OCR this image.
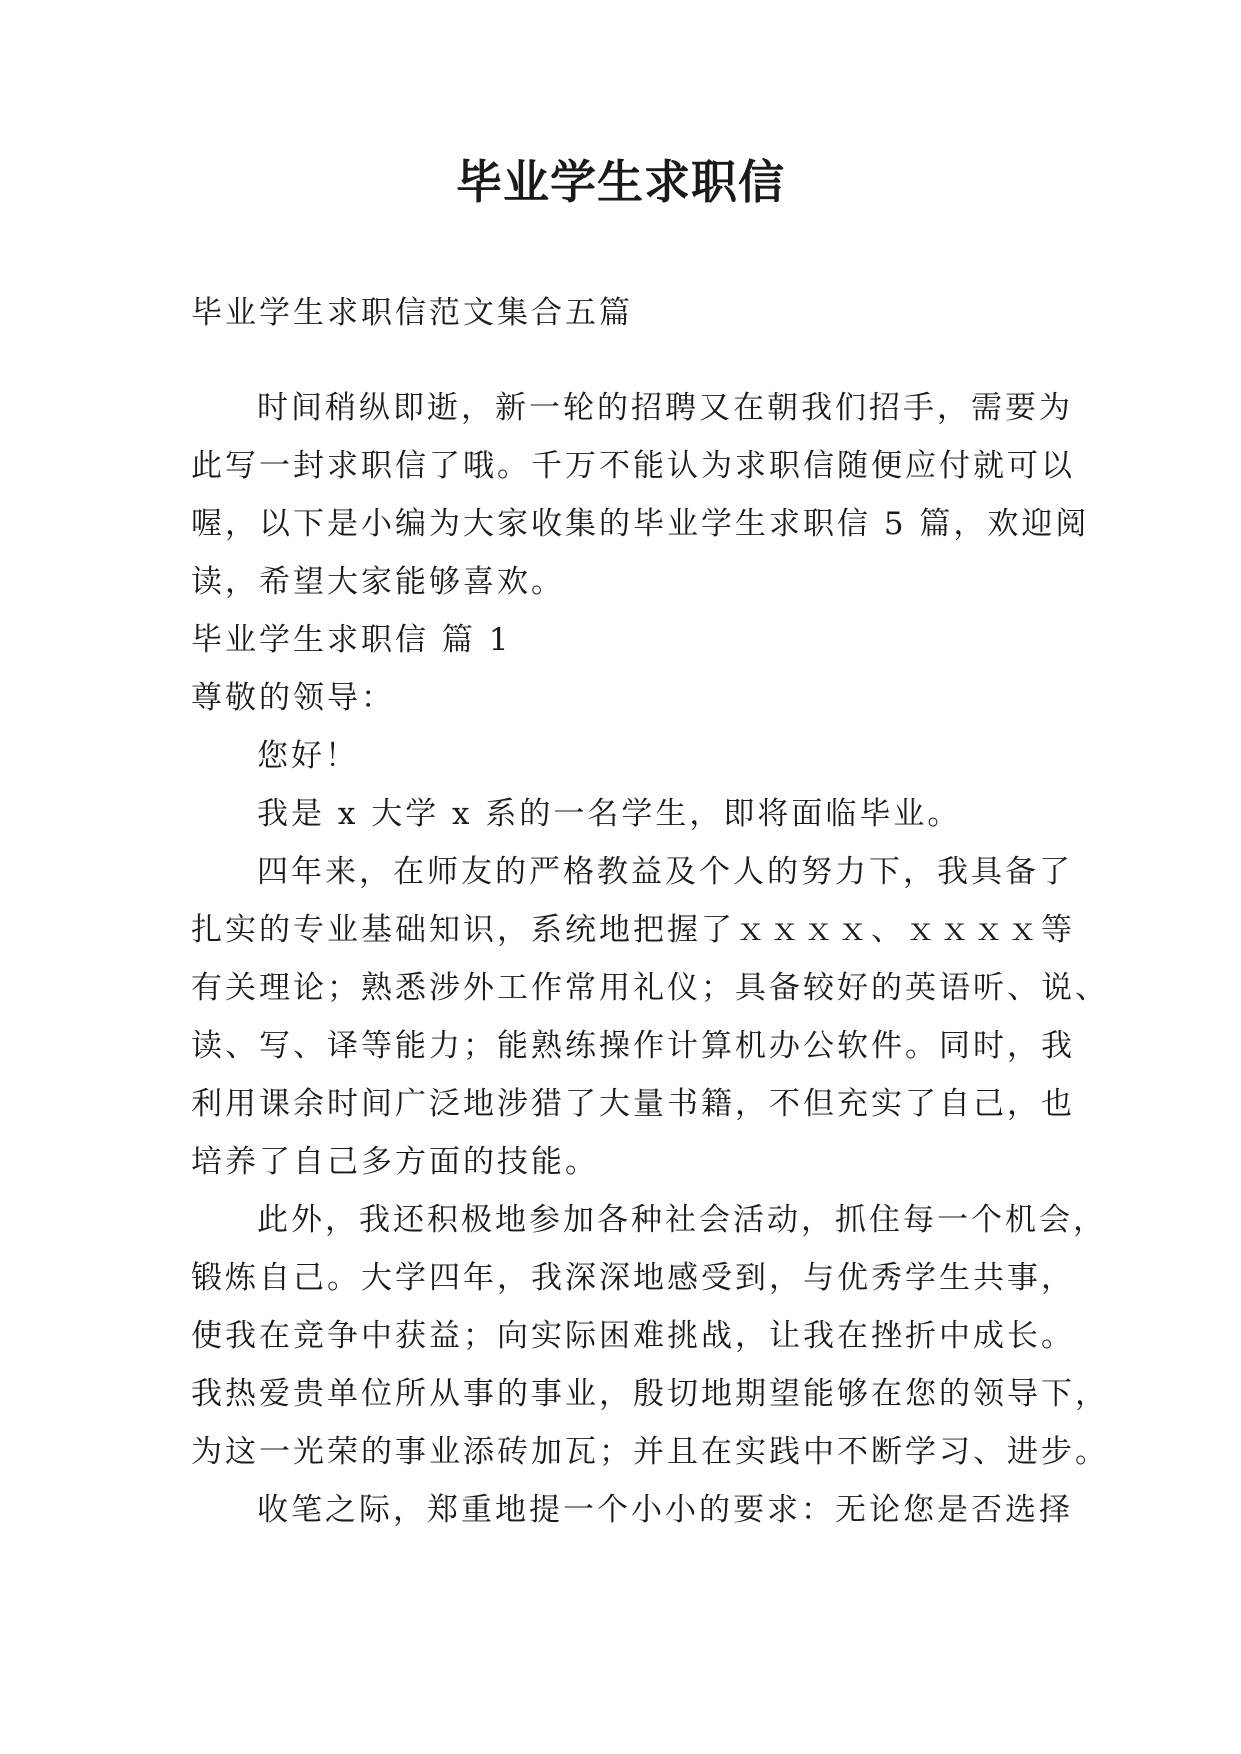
毕业学生求职信
毕业学生求职信范文集合五篇
时间稍纵即逝，新一轮的招聘又在朝我们招手，需要为
此写一封求职信了哦。千万不能认为求职信随便应付就可以
喔，以下是小编为大家收集的毕业学生求职信 5 篇，欢迎阅
读，希望大家能够喜欢。
毕业学生求职信 篇 1
尊敬的领导：
您好！
我是 x 大学 x 系的一名学生，即将面临毕业。
四年来，在师友的严格教益及个人的努力下，我具备了
扎实的专业基础知识，系统地把握了ｘｘｘｘ、ｘｘｘｘ等
有关理论；熟悉涉外工作常用礼仪；具备较好的英语听、说、
读、写、译等能力；能熟练操作计算机办公软件。同时，我
利用课余时间广泛地涉猎了大量书籍，不但充实了自己，也
培养了自己多方面的技能。
此外，我还积极地参加各种社会活动，抓住每一个机会，
锻炼自己。大学四年，我深深地感受到，与优秀学生共事，
使我在竞争中获益；向实际困难挑战，让我在挫折中成长。
我热爱贵单位所从事的事业，殷切地期望能够在您的领导下，
为这一光荣的事业添砖加瓦；并且在实践中不断学习、进步。
收笔之际，郑重地提一个小小的要求：无论您是否选择
